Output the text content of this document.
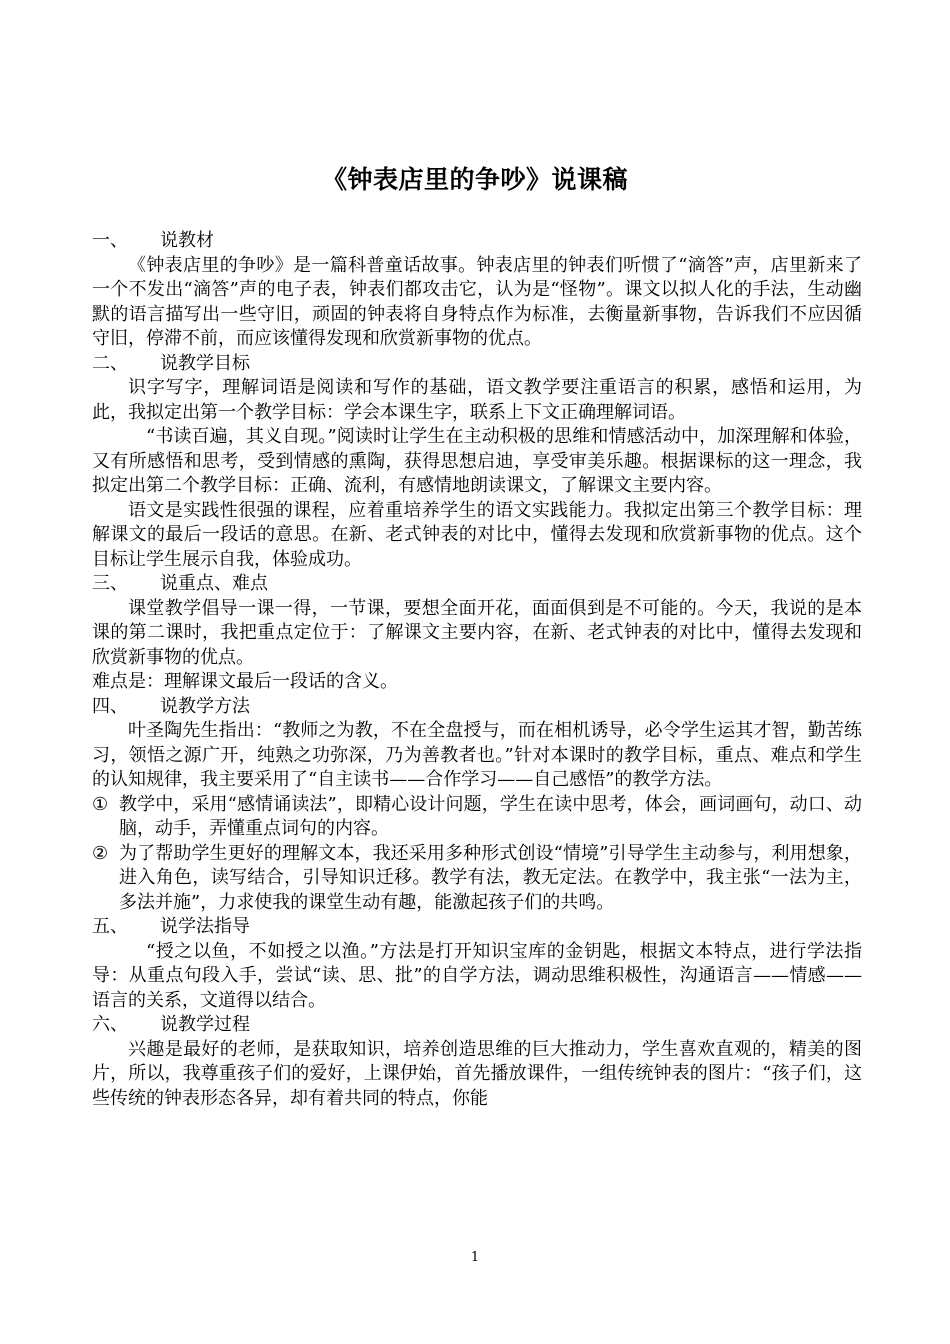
《钟表店里的争吵》说课稿
一、	说教材
《钟表店里的争吵》是一篇科普童话故事。钟表店里的钟表们听惯了“滴答”声，店里新来了一个不发出“滴答”声的电子表，钟表们都攻击它，认为是“怪物”。课文以拟人化的手法，生动幽默的语言描写出一些守旧，顽固的钟表将自身特点作为标准，去衡量新事物，告诉我们不应因循守旧，停滞不前，而应该懂得发现和欣赏新事物的优点。
二、	说教学目标
识字写字，理解词语是阅读和写作的基础，语文教学要注重语言的积累，感悟和运用，为此，我拟定出第一个教学目标：学会本课生字，联系上下文正确理解词语。
“书读百遍，其义自现。”阅读时让学生在主动积极的思维和情感活动中，加深理解和体验，又有所感悟和思考，受到情感的熏陶，获得思想启迪，享受审美乐趣。根据课标的这一理念，我拟定出第二个教学目标：正确、流利，有感情地朗读课文，了解课文主要内容。
语文是实践性很强的课程，应着重培养学生的语文实践能力。我拟定出第三个教学目标：理解课文的最后一段话的意思。在新、老式钟表的对比中，懂得去发现和欣赏新事物的优点。这个目标让学生展示自我，体验成功。
三、	说重点、难点
课堂教学倡导一课一得，一节课，要想全面开花，面面俱到是不可能的。今天，我说的是本课的第二课时，我把重点定位于：了解课文主要内容，在新、老式钟表的对比中，懂得去发现和欣赏新事物的优点。
难点是：理解课文最后一段话的含义。
四、	说教学方法
叶圣陶先生指出：“教师之为教，不在全盘授与，而在相机诱导，必令学生运其才智，勤苦练习，领悟之源广开，纯熟之功弥深，乃为善教者也。”针对本课时的教学目标，重点、难点和学生的认知规律，我主要采用了“自主读书——合作学习——自己感悟”的教学方法。
① 教学中，采用“感情诵读法”，即精心设计问题，学生在读中思考，体会，画词画句，动口、动脑，动手，弄懂重点词句的内容。
② 为了帮助学生更好的理解文本，我还采用多种形式创设“情境”引导学生主动参与，利用想象，进入角色，读写结合，引导知识迁移。教学有法，教无定法。在教学中，我主张“一法为主，多法并施”，力求使我的课堂生动有趣，能激起孩子们的共鸣。
五、	说学法指导
“授之以鱼，不如授之以渔。”方法是打开知识宝库的金钥匙，根据文本特点，进行学法指导：从重点句段入手，尝试“读、思、批”的自学方法，调动思维积极性，沟通语言——情感——语言的关系，文道得以结合。
六、	说教学过程
兴趣是最好的老师，是获取知识，培养创造思维的巨大推动力，学生喜欢直观的，精美的图片，所以，我尊重孩子们的爱好，上课伊始，首先播放课件，一组传统钟表的图片：“孩子们，这些传统的钟表形态各异，却有着共同的特点，你能
1
